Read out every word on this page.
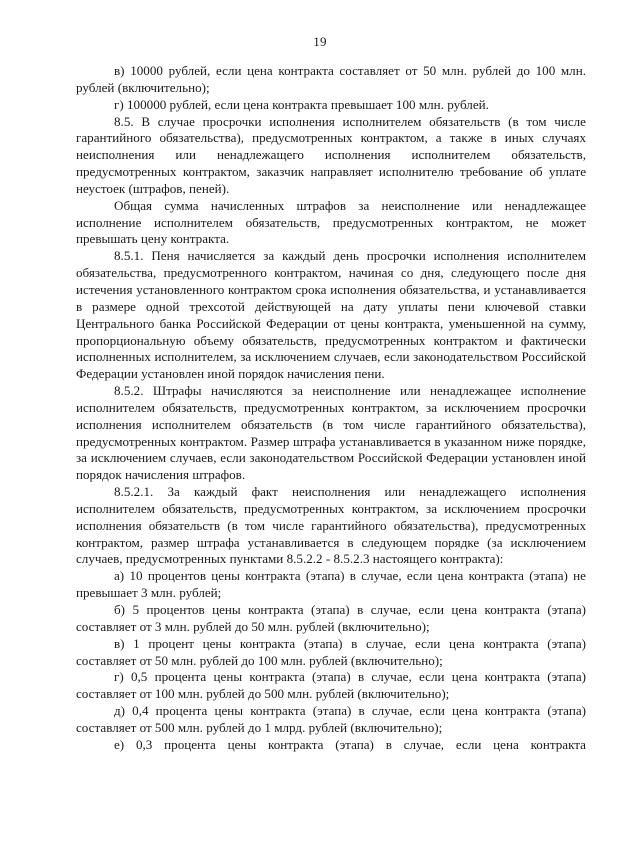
19

в) 10000 рублей, если цена контракта составляет от 50 млн. рублей до 100 млн. рублей (включительно);

г) 100000 рублей, если цена контракта превышает 100 млн. рублей.

8.5. В случае просрочки исполнения исполнителем обязательств (в том числе гарантийного обязательства), предусмотренных контрактом, а также в иных случаях неисполнения или ненадлежащего исполнения исполнителем обязательств, предусмотренных контрактом, заказчик направляет исполнителю требование об уплате неустоек (штрафов, пеней).

Общая сумма начисленных штрафов за неисполнение или ненадлежащее исполнение исполнителем обязательств, предусмотренных контрактом, не может превышать цену контракта.

8.5.1. Пеня начисляется за каждый день просрочки исполнения исполнителем обязательства, предусмотренного контрактом, начиная со дня, следующего после дня истечения установленного контрактом срока исполнения обязательства, и устанавливается в размере одной трехсотой действующей на дату уплаты пени ключевой ставки Центрального банка Российской Федерации от цены контракта, уменьшенной на сумму, пропорциональную объему обязательств, предусмотренных контрактом и фактически исполненных исполнителем, за исключением случаев, если законодательством Российской Федерации установлен иной порядок начисления пени.

8.5.2. Штрафы начисляются за неисполнение или ненадлежащее исполнение исполнителем обязательств, предусмотренных контрактом, за исключением просрочки исполнения исполнителем обязательств (в том числе гарантийного обязательства), предусмотренных контрактом. Размер штрафа устанавливается в указанном ниже порядке, за исключением случаев, если законодательством Российской Федерации установлен иной порядок начисления штрафов.

8.5.2.1. За каждый факт неисполнения или ненадлежащего исполнения исполнителем обязательств, предусмотренных контрактом, за исключением просрочки исполнения обязательств (в том числе гарантийного обязательства), предусмотренных контрактом, размер штрафа устанавливается в следующем порядке (за исключением случаев, предусмотренных пунктами 8.5.2.2 - 8.5.2.3 настоящего контракта):

а) 10 процентов цены контракта (этапа) в случае, если цена контракта (этапа) не превышает 3 млн. рублей;

б) 5 процентов цены контракта (этапа) в случае, если цена контракта (этапа) составляет от 3 млн. рублей до 50 млн. рублей (включительно);

в) 1 процент цены контракта (этапа) в случае, если цена контракта (этапа) составляет от 50 млн. рублей до 100 млн. рублей (включительно);

г) 0,5 процента цены контракта (этапа) в случае, если цена контракта (этапа) составляет от 100 млн. рублей до 500 млн. рублей (включительно);

д) 0,4 процента цены контракта (этапа) в случае, если цена контракта (этапа) составляет от 500 млн. рублей до 1 млрд. рублей (включительно);

е) 0,3 процента цены контракта (этапа) в случае, если цена контракта
